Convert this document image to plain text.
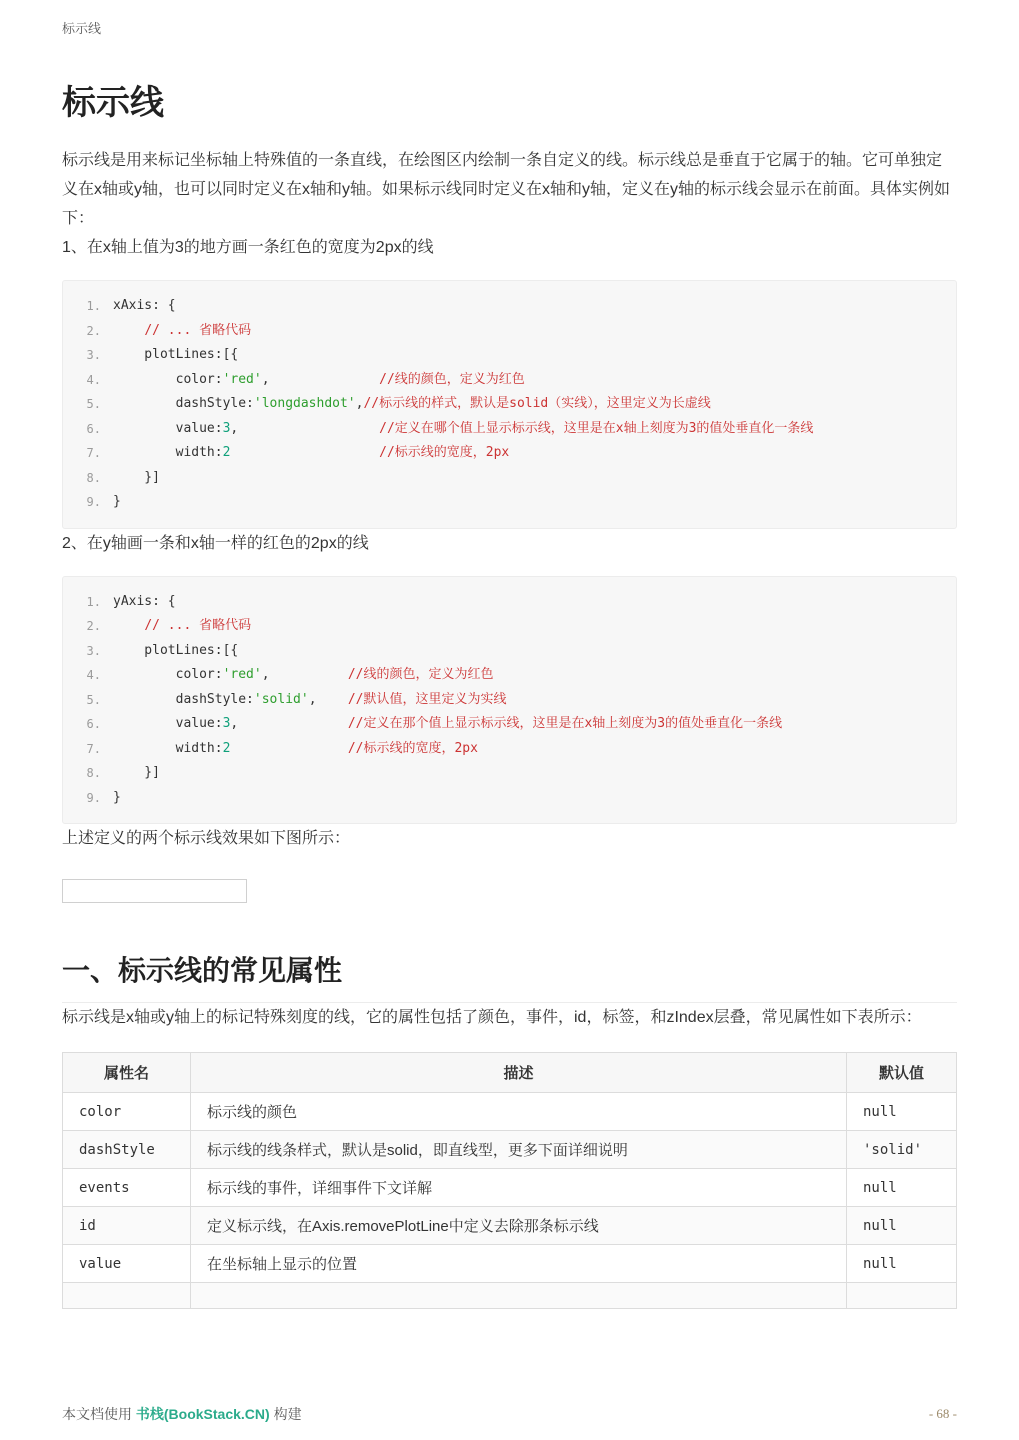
标示线
标示线

标示线是用来标记坐标轴上特殊值的一条直线，在绘图区内绘制一条自定义的线。标示线总是垂直于它属于的轴。它可单独定义在x轴或y轴，也可以同时定义在x轴和y轴。如果标示线同时定义在x轴和y轴，定义在y轴的标示线会显示在前面。具体实例如下：

1、在x轴上值为3的地方画一条红色的宽度为2px的线

1. xAxis: {
2.	// ... 省略代码
3. plotLines:[{
4. color:'red',              //线的颜色，定义为红色
5. dashStyle:'longdashdot',//标示线的样式，默认是solid（实线），这里定义为长虚线
6. value:3,                  //定义在哪个值上显示标示线，这里是在x轴上刻度为3的值处垂直化一条线
7. width:2	//标示线的宽度，2px
8. }]
9. }

2、在y轴画一条和x轴一样的红色的2px的线

1. yAxis: {
2.	// ... 省略代码
3. plotLines:[{
4. color:'red',          //线的颜色，定义为红色
5. dashStyle:'solid',    //默认值，这里定义为实线
6. value:3,              //定义在那个值上显示标示线，这里是在x轴上刻度为3的值处垂直化一条线
7. width:2	//标示线的宽度，2px
8. }]
9. }

上述定义的两个标示线效果如下图所示：

一、标示线的常见属性

标示线是x轴或y轴上的标记特殊刻度的线，它的属性包括了颜色，事件，id，标签，和zIndex层叠，常见属性如下表所示：

属性名	描述	默认值
color	标示线的颜色	null
dashStyle	标示线的线条样式，默认是solid，即直线型，更多下面详细说明	'solid'
events	标示线的事件，详细事件下文详解	null
id	定义标示线，在Axis.removePlotLine中定义去除那条标示线	null
value	在坐标轴上显示的位置	null

本文档使用 书栈(BookStack.CN) 构建	- 68 -
